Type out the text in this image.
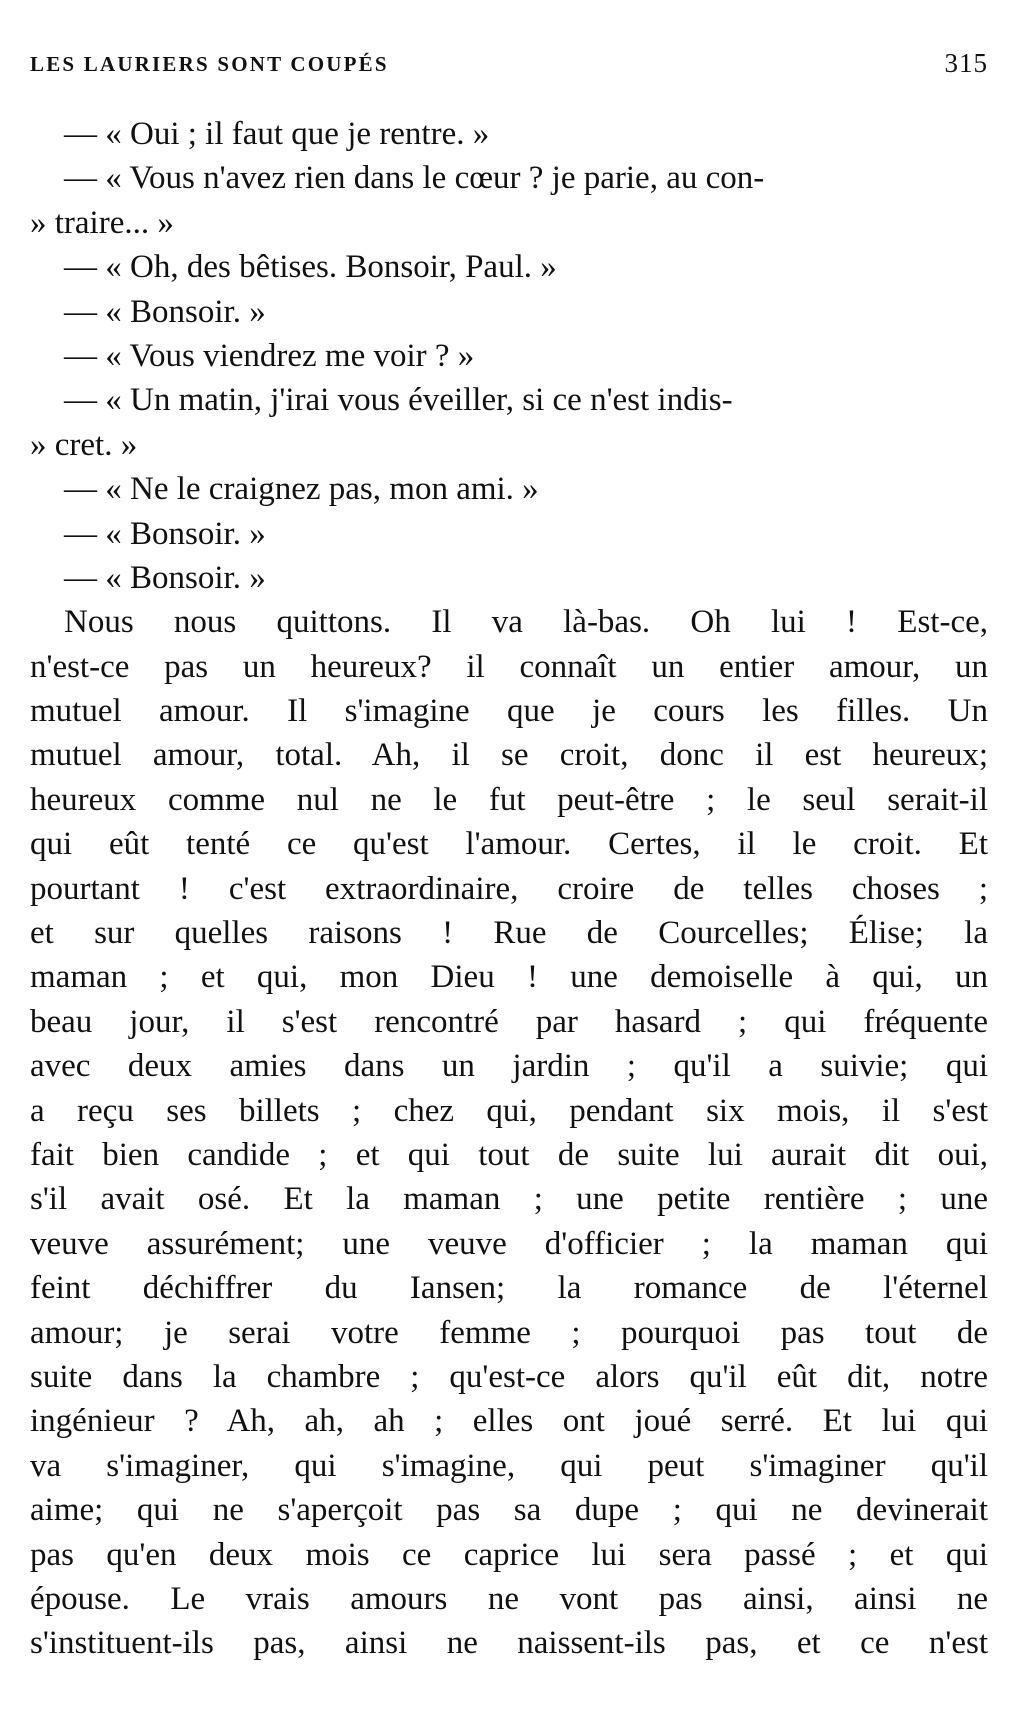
LES LAURIERS SONT COUPÉS	315
— « Oui ; il faut que je rentre. »
— « Vous n'avez rien dans le cœur ? je parie, au con-
» traire... »
— « Oh, des bêtises. Bonsoir, Paul. »
— « Bonsoir. »
— « Vous viendrez me voir ? »
— « Un matin, j'irai vous éveiller, si ce n'est indis-
» cret. »
— « Ne le craignez pas, mon ami. »
— « Bonsoir. »
— « Bonsoir. »
Nous nous quittons. Il va là-bas. Oh lui ! Est-ce,
n'est-ce pas un heureux? il connaît un entier amour, un
mutuel amour. Il s'imagine que je cours les filles. Un
mutuel amour, total. Ah, il se croit, donc il est heureux;
heureux comme nul ne le fut peut-être ; le seul serait-il
qui eût tenté ce qu'est l'amour. Certes, il le croit. Et
pourtant ! c'est extraordinaire, croire de telles choses ;
et sur quelles raisons ! Rue de Courcelles; Élise; la
maman ; et qui, mon Dieu ! une demoiselle à qui, un
beau jour, il s'est rencontré par hasard ; qui fréquente
avec deux amies dans un jardin ; qu'il a suivie; qui
a reçu ses billets ; chez qui, pendant six mois, il s'est
fait bien candide ; et qui tout de suite lui aurait dit oui,
s'il avait osé. Et la maman ; une petite rentière ; une
veuve assurément; une veuve d'officier ; la maman qui
feint déchiffrer du Iansen; la romance de l'éternel
amour; je serai votre femme ; pourquoi pas tout de
suite dans la chambre ; qu'est-ce alors qu'il eût dit, notre
ingénieur ? Ah, ah, ah ; elles ont joué serré. Et lui qui
va s'imaginer, qui s'imagine, qui peut s'imaginer qu'il
aime; qui ne s'aperçoit pas sa dupe ; qui ne devinerait
pas qu'en deux mois ce caprice lui sera passé ; et qui
épouse. Le vrais amours ne vont pas ainsi, ainsi ne
s'instituent-ils pas, ainsi ne naissent-ils pas, et ce n'est
